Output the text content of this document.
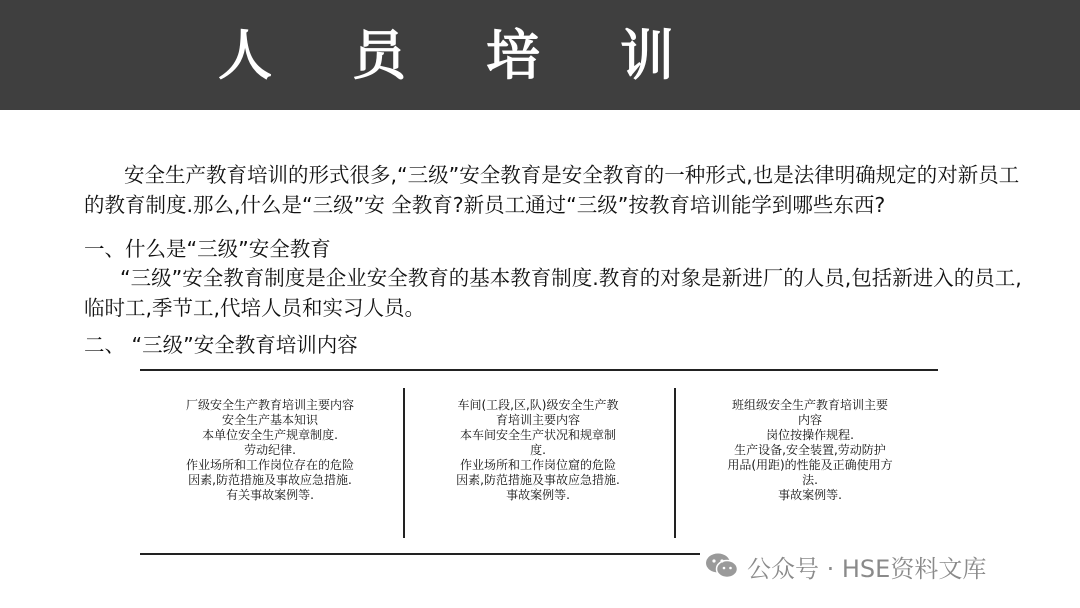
人员培训

安全生产教育培训的形式很多,“三级”安全教育是安全教育的一种形式,也是法律明确规定的对新员工的教育制度.那么,什么是“三级”安 全教育?新员工通过“三级”按教育培训能学到哪些东西?

一、什么是“三级”安全教育

“三级”安全教育制度是企业安全教育的基本教育制度.教育的对象是新进厂的人员,包括新进入的员工,临时工,季节工,代培人员和实习人员。

二、 “三级”安全教育培训内容

厂级安全生产教育培训主要内容
安全生产基本知识
本单位安全生产规章制度.
劳动纪律.
作业场所和工作岗位存在的危险
因素,防范措施及事故应急措施.
有关事故案例等.
车间(工段,区,队)级安全生产教
育培训主要内容
本车间安全生产状况和规章制
度.
作业场所和工作岗位窟的危险
因素,防范措施及事故应急措施.
事故案例等.
班组级安全生产教育培训主要
内容
岗位按操作规程.
生产设备,安全装置,劳动防护
用品(用距)的性能及正确使用方
法.
事故案例等.
公众号 · HSE资料文库
